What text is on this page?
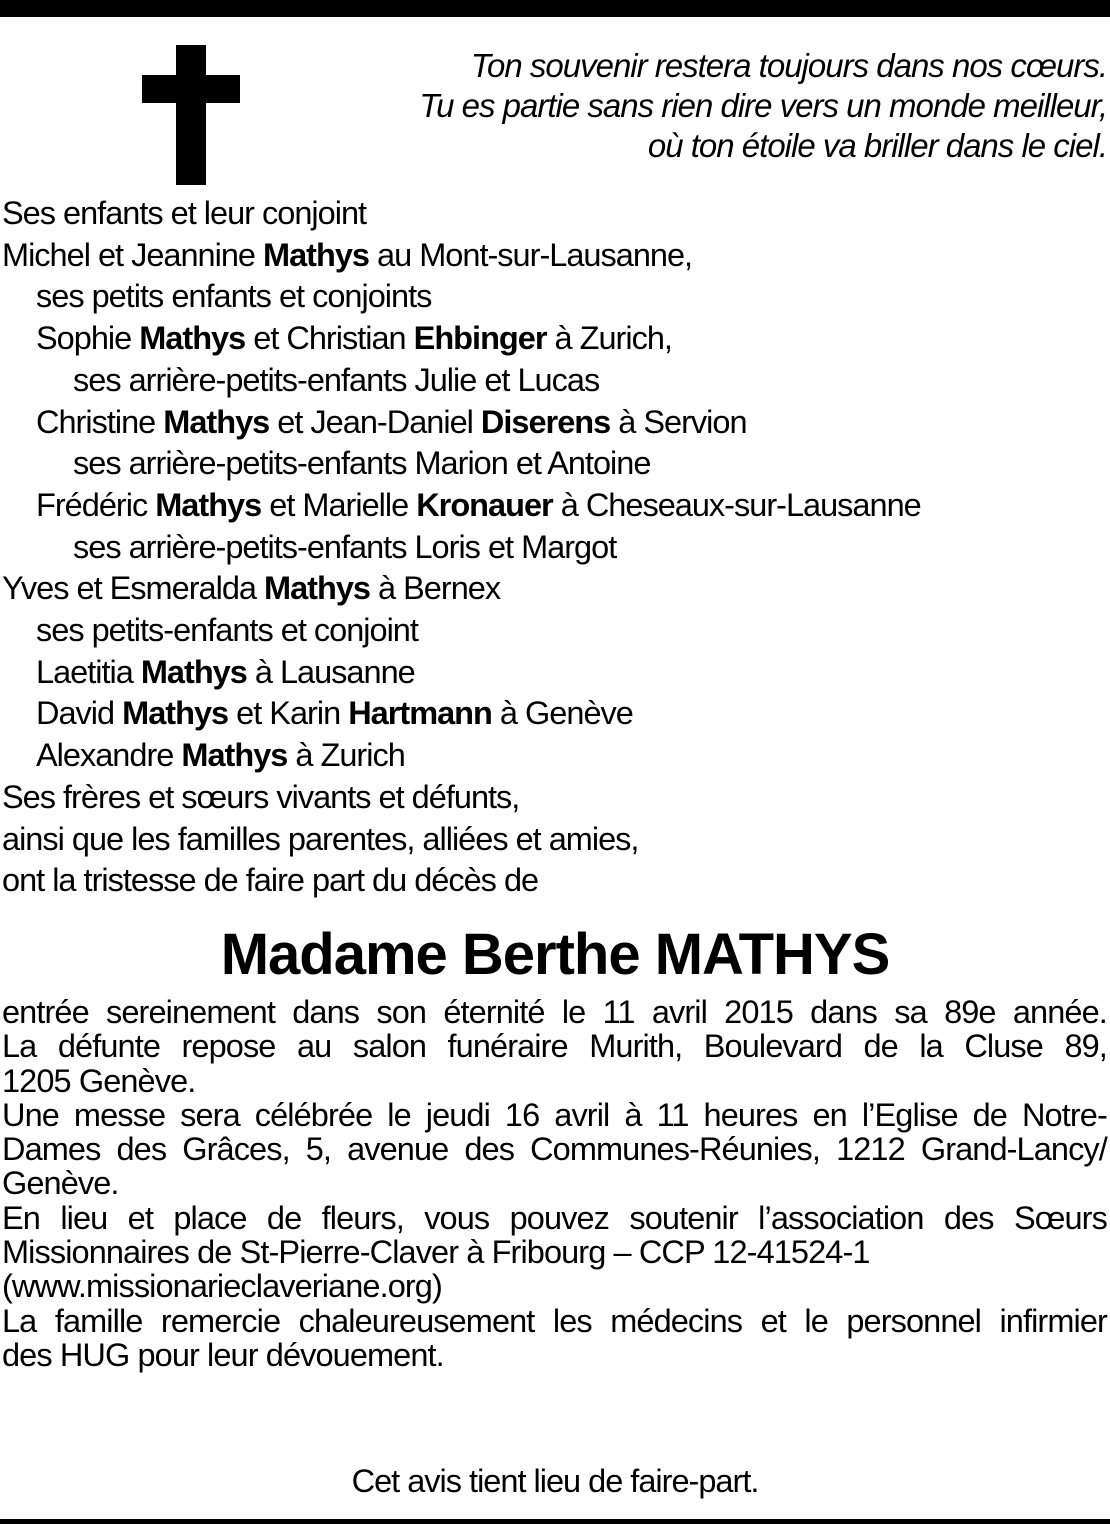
Ton souvenir restera toujours dans nos cœurs.
Tu es partie sans rien dire vers un monde meilleur,
où ton étoile va briller dans le ciel.
Ses enfants et leur conjoint
Michel et Jeannine Mathys au Mont-sur-Lausanne,
ses petits enfants et conjoints
Sophie Mathys et Christian Ehbinger à Zurich,
ses arrière-petits-enfants Julie et Lucas
Christine Mathys et Jean-Daniel Diserens à Servion
ses arrière-petits-enfants Marion et Antoine
Frédéric Mathys et Marielle Kronauer à Cheseaux-sur-Lausanne
ses arrière-petits-enfants Loris et Margot
Yves et Esmeralda Mathys à Bernex
ses petits-enfants et conjoint
Laetitia Mathys à Lausanne
David Mathys et Karin Hartmann à Genève
Alexandre Mathys à Zurich
Ses frères et sœurs vivants et défunts,
ainsi que les familles parentes, alliées et amies,
ont la tristesse de faire part du décès de
Madame Berthe MATHYS
entrée sereinement dans son éternité le 11 avril 2015 dans sa 89e année.
La défunte repose au salon funéraire Murith, Boulevard de la Cluse 89,
1205 Genève.
Une messe sera célébrée le jeudi 16 avril à 11 heures en l’Eglise de Notre-
Dames des Grâces, 5, avenue des Communes-Réunies, 1212 Grand-Lancy/
Genève.
En lieu et place de fleurs, vous pouvez soutenir l’association des Sœurs
Missionnaires de St-Pierre-Claver à Fribourg – CCP 12-41524-1
(www.missionarieclaveriane.org)
La famille remercie chaleureusement les médecins et le personnel infirmier
des HUG pour leur dévouement.
Cet avis tient lieu de faire-part.
